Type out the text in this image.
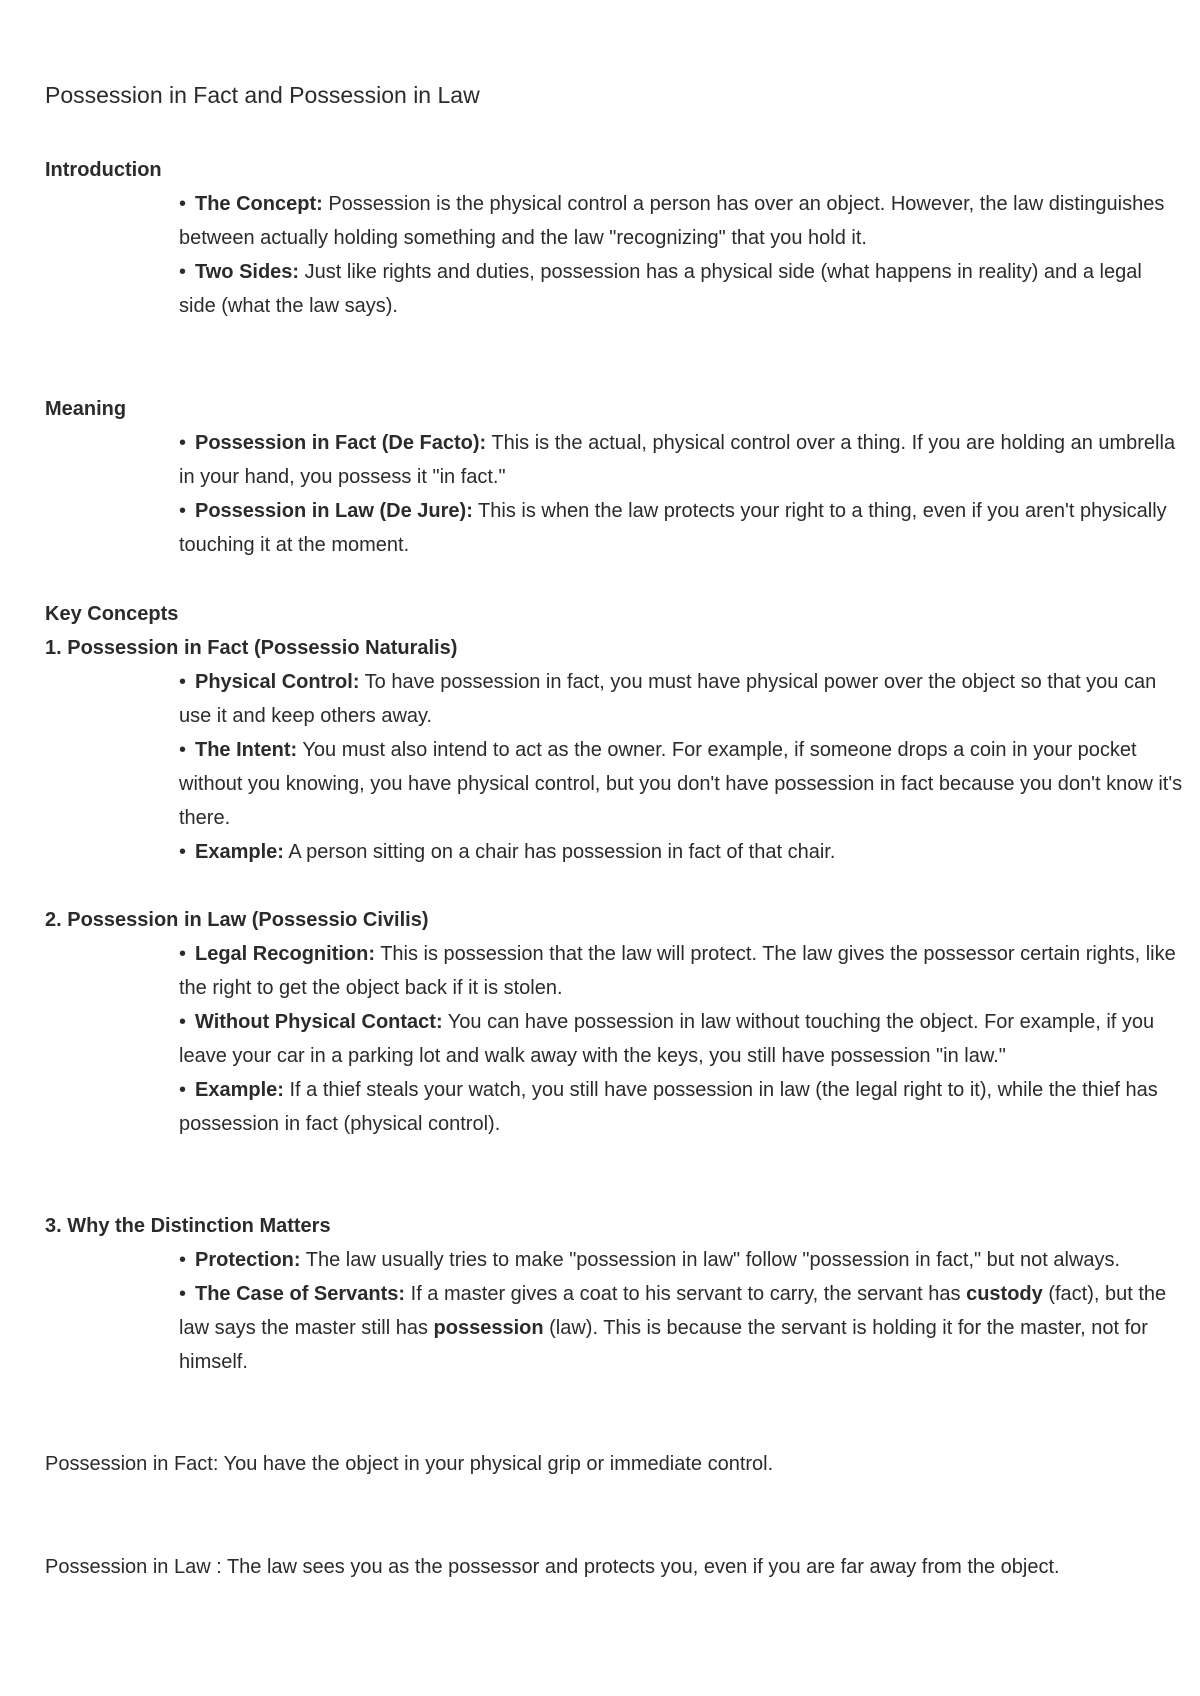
Possession in Fact and Possession in Law
Introduction

• The Concept: Possession is the physical control a person has over an object. However, the law distinguishes between actually holding something and the law "recognizing" that you hold it.

• Two Sides: Just like rights and duties, possession has a physical side (what happens in reality) and a legal side (what the law says).

Meaning

• Possession in Fact (De Facto): This is the actual, physical control over a thing. If you are holding an umbrella in your hand, you possess it "in fact."

• Possession in Law (De Jure): This is when the law protects your right to a thing, even if you aren't physically touching it at the moment.

Key Concepts
1. Possession in Fact (Possessio Naturalis)

• Physical Control: To have possession in fact, you must have physical power over the object so that you can use it and keep others away.

• The Intent: You must also intend to act as the owner. For example, if someone drops a coin in your pocket without you knowing, you have physical control, but you don't have possession in fact because you don't know it's there.

• Example: A person sitting on a chair has possession in fact of that chair.

2. Possession in Law (Possessio Civilis)

• Legal Recognition: This is possession that the law will protect. The law gives the possessor certain rights, like the right to get the object back if it is stolen.

• Without Physical Contact: You can have possession in law without touching the object. For example, if you leave your car in a parking lot and walk away with the keys, you still have possession "in law."

• Example: If a thief steals your watch, you still have possession in law (the legal right to it), while the thief has possession in fact (physical control).

3. Why the Distinction Matters

• Protection: The law usually tries to make "possession in law" follow "possession in fact," but not always.

• The Case of Servants: If a master gives a coat to his servant to carry, the servant has custody (fact), but the law says the master still has possession (law). This is because the servant is holding it for the master, not for himself.

Possession in Fact: You have the object in your physical grip or immediate control.

Possession in Law : The law sees you as the possessor and protects you, even if you are far away from the object.
